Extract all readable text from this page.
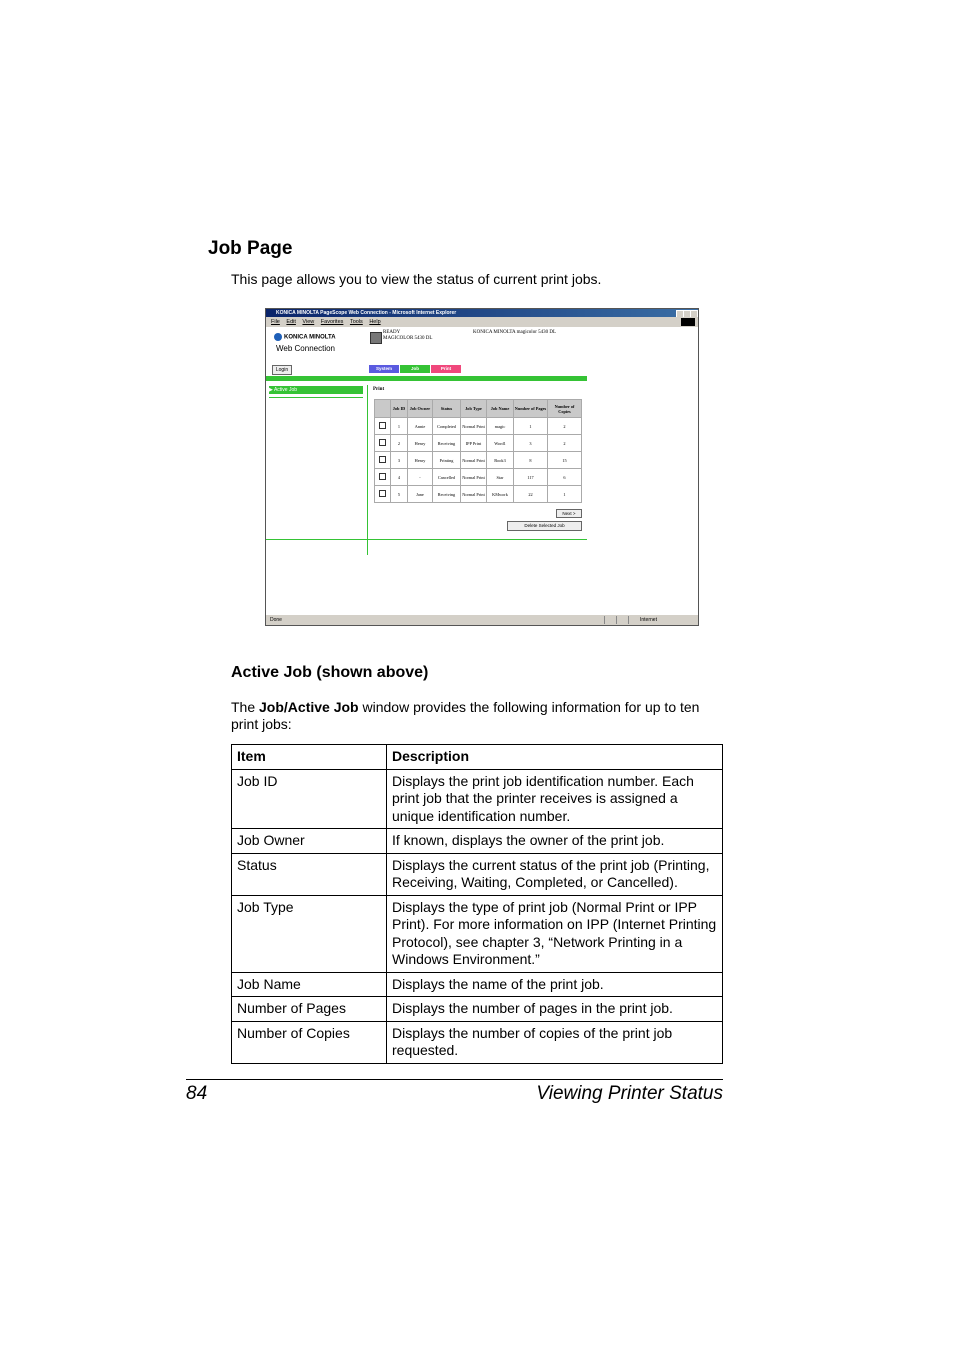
Job Page

This page allows you to view the status of current print jobs.

KONICA MINOLTA PageScope Web Connection - Microsoft Internet Explorer
File Edit View Favorites Tools Help
KONICA MINOLTA
Web Connection
READY
MAGICOLOR 5430 DL
KONICA MINOLTA magicolor 5430 DL
Login	System	Job	Print
▶ Active Job	Print
	Job ID	Job Owner	Status	Job Type	Job Name	Number of Pages	Number of Copies
	1	Annie	Completed	Normal Print	magic	1	2
	2	Henry	Receiving	IPP Print	Word1	3	2
	3	Henry	Printing	Normal Print	Book3	8	15
	4	-	Cancelled	Normal Print	Star	117	6
	5	Jane	Receiving	Normal Print	KMwork	22	1
Next >
Delete Selected Job
Done	Internet
Active Job (shown above)

The Job/Active Job window provides the following information for up to ten print jobs:

Item	Description
Job ID	Displays the print job identification number. Each print job that the printer receives is assigned a unique identification number.
Job Owner	If known, displays the owner of the print job.
Status	Displays the current status of the print job (Printing, Receiving, Waiting, Completed, or Cancelled).
Job Type	Displays the type of print job (Normal Print or IPP Print). For more information on IPP (Internet Printing Protocol), see chapter 3, “Network Printing in a Windows Environment.”
Job Name	Displays the name of the print job.
Number of Pages	Displays the number of pages in the print job.
Number of Copies	Displays the number of copies of the print job requested.
84	Viewing Printer Status
